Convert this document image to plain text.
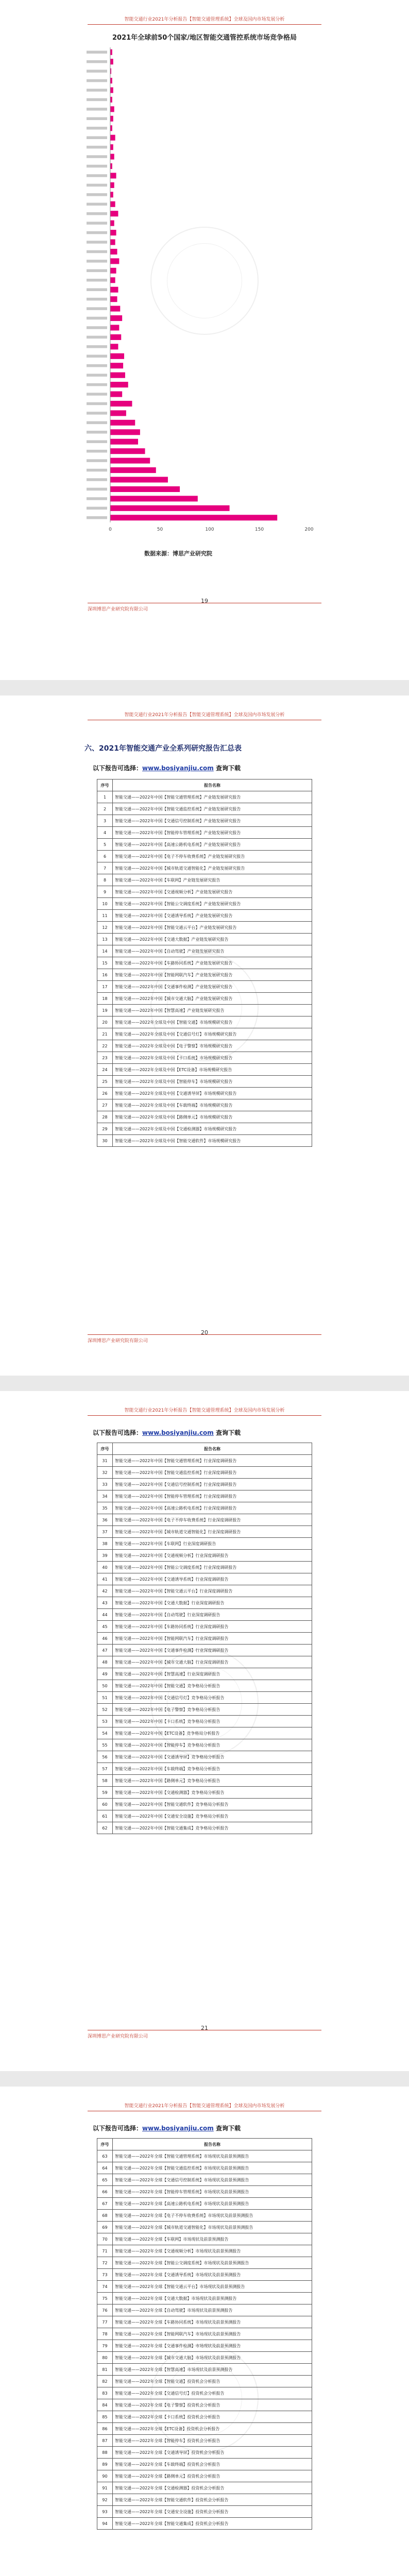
智能交通行业2021年分析报告【智能交通管理系统】全球及国内市场发展分析
2021年全球前50个国家/地区智能交通管控系统市场竞争格局
0	50	100	150	200
数据来源：博思产业研究院
深圳博思产业研究院有限公司
19
智能交通行业2021年分析报告【智能交通管理系统】全球及国内市场发展分析
六、2021年智能交通产业全系列研究报告汇总表
以下报告可选择：www.bosiyanjiu.com 查询下载
序号	报告名称
1	智能交通——2022年中国【智能交通管理系统】产业链发展研究报告
2	智能交通——2022年中国【智能交通监控系统】产业链发展研究报告
3	智能交通——2022年中国【交通信号控制系统】产业链发展研究报告
4	智能交通——2022年中国【智能停车管理系统】产业链发展研究报告
5	智能交通——2022年中国【高速公路机电系统】产业链发展研究报告
6	智能交通——2022年中国【电子不停车收费系统】产业链发展研究报告
7	智能交通——2022年中国【城市轨道交通智能化】产业链发展研究报告
8	智能交通——2022年中国【车联网】产业链发展研究报告
9	智能交通——2022年中国【交通视频分析】产业链发展研究报告
10	智能交通——2022年中国【智能公交调度系统】产业链发展研究报告
11	智能交通——2022年中国【交通诱导系统】产业链发展研究报告
12	智能交通——2022年中国【智能交通云平台】产业链发展研究报告
13	智能交通——2022年中国【交通大数据】产业链发展研究报告
14	智能交通——2022年中国【自动驾驶】产业链发展研究报告
15	智能交通——2022年中国【车路协同系统】产业链发展研究报告
16	智能交通——2022年中国【智能网联汽车】产业链发展研究报告
17	智能交通——2022年中国【交通事件检测】产业链发展研究报告
18	智能交通——2022年中国【城市交通大脑】产业链发展研究报告
19	智能交通——2022年中国【智慧高速】产业链发展研究报告
20	智能交通——2022年全球及中国【智能交通】市场规模研究报告
21	智能交通——2022年全球及中国【交通信号灯】市场规模研究报告
22	智能交通——2022年全球及中国【电子警察】市场规模研究报告
23	智能交通——2022年全球及中国【卡口系统】市场规模研究报告
24	智能交通——2022年全球及中国【ETC设备】市场规模研究报告
25	智能交通——2022年全球及中国【智能停车】市场规模研究报告
26	智能交通——2022年全球及中国【交通诱导屏】市场规模研究报告
27	智能交通——2022年全球及中国【车载终端】市场规模研究报告
28	智能交通——2022年全球及中国【路侧单元】市场规模研究报告
29	智能交通——2022年全球及中国【交通检测器】市场规模研究报告
30	智能交通——2022年全球及中国【智能交通软件】市场规模研究报告
深圳博思产业研究院有限公司
20
智能交通行业2021年分析报告【智能交通管理系统】全球及国内市场发展分析
以下报告可选择：www.bosiyanjiu.com 查询下载
序号	报告名称
31	智能交通——2022年中国【智能交通管理系统】行业深度调研报告
32	智能交通——2022年中国【智能交通监控系统】行业深度调研报告
33	智能交通——2022年中国【交通信号控制系统】行业深度调研报告
34	智能交通——2022年中国【智能停车管理系统】行业深度调研报告
35	智能交通——2022年中国【高速公路机电系统】行业深度调研报告
36	智能交通——2022年中国【电子不停车收费系统】行业深度调研报告
37	智能交通——2022年中国【城市轨道交通智能化】行业深度调研报告
38	智能交通——2022年中国【车联网】行业深度调研报告
39	智能交通——2022年中国【交通视频分析】行业深度调研报告
40	智能交通——2022年中国【智能公交调度系统】行业深度调研报告
41	智能交通——2022年中国【交通诱导系统】行业深度调研报告
42	智能交通——2022年中国【智能交通云平台】行业深度调研报告
43	智能交通——2022年中国【交通大数据】行业深度调研报告
44	智能交通——2022年中国【自动驾驶】行业深度调研报告
45	智能交通——2022年中国【车路协同系统】行业深度调研报告
46	智能交通——2022年中国【智能网联汽车】行业深度调研报告
47	智能交通——2022年中国【交通事件检测】行业深度调研报告
48	智能交通——2022年中国【城市交通大脑】行业深度调研报告
49	智能交通——2022年中国【智慧高速】行业深度调研报告
50	智能交通——2022年中国【智能交通】竞争格局分析报告
51	智能交通——2022年中国【交通信号灯】竞争格局分析报告
52	智能交通——2022年中国【电子警察】竞争格局分析报告
53	智能交通——2022年中国【卡口系统】竞争格局分析报告
54	智能交通——2022年中国【ETC设备】竞争格局分析报告
55	智能交通——2022年中国【智能停车】竞争格局分析报告
56	智能交通——2022年中国【交通诱导屏】竞争格局分析报告
57	智能交通——2022年中国【车载终端】竞争格局分析报告
58	智能交通——2022年中国【路侧单元】竞争格局分析报告
59	智能交通——2022年中国【交通检测器】竞争格局分析报告
60	智能交通——2022年中国【智能交通软件】竞争格局分析报告
61	智能交通——2022年中国【交通安全设施】竞争格局分析报告
62	智能交通——2022年中国【智能交通集成】竞争格局分析报告
深圳博思产业研究院有限公司
21
智能交通行业2021年分析报告【智能交通管理系统】全球及国内市场发展分析
以下报告可选择：www.bosiyanjiu.com 查询下载
序号	报告名称
63	智能交通——2022年全球【智能交通管理系统】市场现状及前景预测报告
64	智能交通——2022年全球【智能交通监控系统】市场现状及前景预测报告
65	智能交通——2022年全球【交通信号控制系统】市场现状及前景预测报告
66	智能交通——2022年全球【智能停车管理系统】市场现状及前景预测报告
67	智能交通——2022年全球【高速公路机电系统】市场现状及前景预测报告
68	智能交通——2022年全球【电子不停车收费系统】市场现状及前景预测报告
69	智能交通——2022年全球【城市轨道交通智能化】市场现状及前景预测报告
70	智能交通——2022年全球【车联网】市场现状及前景预测报告
71	智能交通——2022年全球【交通视频分析】市场现状及前景预测报告
72	智能交通——2022年全球【智能公交调度系统】市场现状及前景预测报告
73	智能交通——2022年全球【交通诱导系统】市场现状及前景预测报告
74	智能交通——2022年全球【智能交通云平台】市场现状及前景预测报告
75	智能交通——2022年全球【交通大数据】市场现状及前景预测报告
76	智能交通——2022年全球【自动驾驶】市场现状及前景预测报告
77	智能交通——2022年全球【车路协同系统】市场现状及前景预测报告
78	智能交通——2022年全球【智能网联汽车】市场现状及前景预测报告
79	智能交通——2022年全球【交通事件检测】市场现状及前景预测报告
80	智能交通——2022年全球【城市交通大脑】市场现状及前景预测报告
81	智能交通——2022年全球【智慧高速】市场现状及前景预测报告
82	智能交通——2022年全球【智能交通】投资机会分析报告
83	智能交通——2022年全球【交通信号灯】投资机会分析报告
84	智能交通——2022年全球【电子警察】投资机会分析报告
85	智能交通——2022年全球【卡口系统】投资机会分析报告
86	智能交通——2022年全球【ETC设备】投资机会分析报告
87	智能交通——2022年全球【智能停车】投资机会分析报告
88	智能交通——2022年全球【交通诱导屏】投资机会分析报告
89	智能交通——2022年全球【车载终端】投资机会分析报告
90	智能交通——2022年全球【路侧单元】投资机会分析报告
91	智能交通——2022年全球【交通检测器】投资机会分析报告
92	智能交通——2022年全球【智能交通软件】投资机会分析报告
93	智能交通——2022年全球【交通安全设施】投资机会分析报告
94	智能交通——2022年全球【智能交通集成】投资机会分析报告
